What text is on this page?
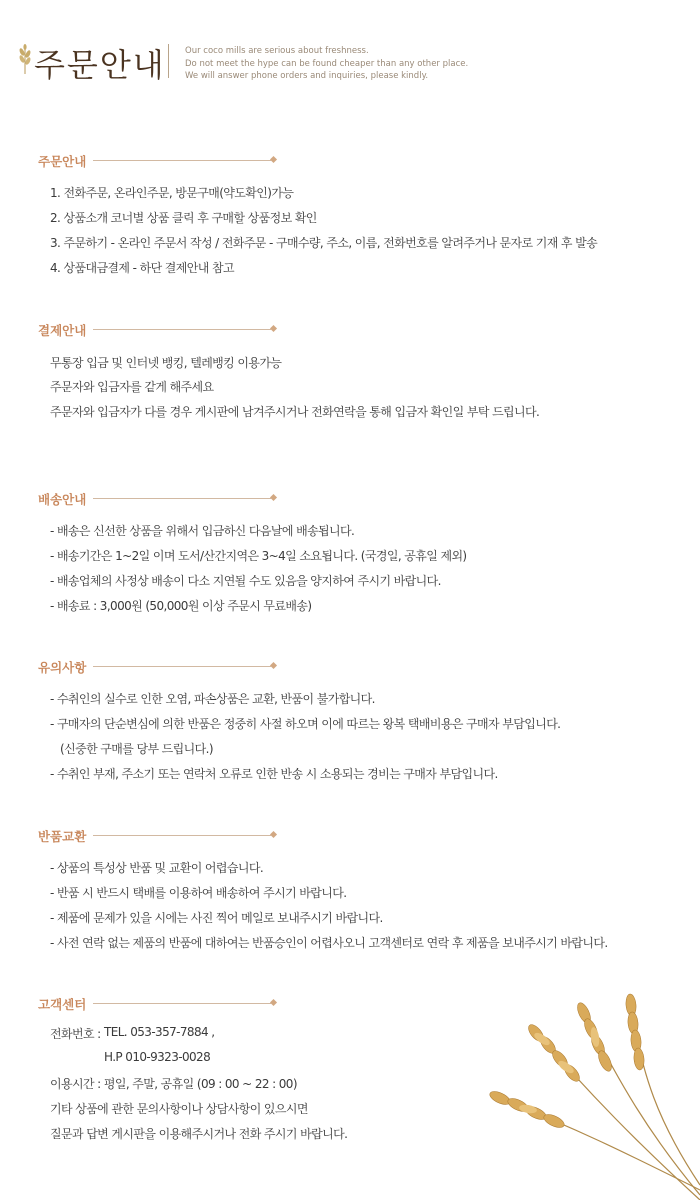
주문안내 Our coco mills are serious about freshness.
Do not meet the hype can be found cheaper than any other place.
We will answer phone orders and inquiries, please kindly.
주문안내
1. 전화주문, 온라인주문, 방문구매(약도확인)가능
2. 상품소개 코너별 상품 클릭 후 구매할 상품정보 확인
3. 주문하기 - 온라인 주문서 작성 / 전화주문 - 구매수량, 주소, 이름, 전화번호를 알려주거나 문자로 기재 후 발송
4. 상품대금결제 - 하단 결제안내 참고
결제안내
무통장 입금 및 인터넷 뱅킹, 텔레뱅킹 이용가능
주문자와 입금자를 같게 해주세요
주문자와 입금자가 다를 경우 게시판에 남겨주시거나 전화연락을 통해 입금자 확인일 부탁 드립니다.
배송안내
- 배송은 신선한 상품을 위해서 입금하신 다음날에 배송됩니다.
- 배송기간은 1~2일 이며 도서/산간지역은 3~4일 소요됩니다. (국경일, 공휴일 제외)
- 배송업체의 사정상 배송이 다소 지연될 수도 있음을 양지하여 주시기 바랍니다.
- 배송료 : 3,000원 (50,000원 이상 주문시 무료배송)
유의사항
- 수취인의 실수로 인한 오염, 파손상품은 교환, 반품이 불가합니다.
- 구매자의 단순변심에 의한 반품은 정중히 사절 하오며 이에 따르는 왕복 택배비용은 구매자 부담입니다.
(신중한 구매를 당부 드립니다.)
- 수취인 부재, 주소기 또는 연락처 오류로 인한 반송 시 소용되는 경비는 구매자 부담입니다.
반품교환
- 상품의 특성상 반품 및 교환이 어렵습니다.
- 반품 시 반드시 택배를 이용하여 배송하여 주시기 바랍니다.
- 제품에 문제가 있을 시에는 사진 찍어 메일로 보내주시기 바랍니다.
- 사전 연락 없는 제품의 반품에 대하여는 반품승인이 어렵사오니 고객센터로 연락 후 제품을 보내주시기 바랍니다.
고객센터
전화번호 : TEL. 053-357-7884 ,
H.P 010-9323-0028
이용시간 : 평일, 주말, 공휴일 (09 : 00 ~ 22 : 00)
기타 상품에 관한 문의사항이나 상담사항이 있으시면
질문과 답변 게시판을 이용해주시거나 전화 주시기 바랍니다.
